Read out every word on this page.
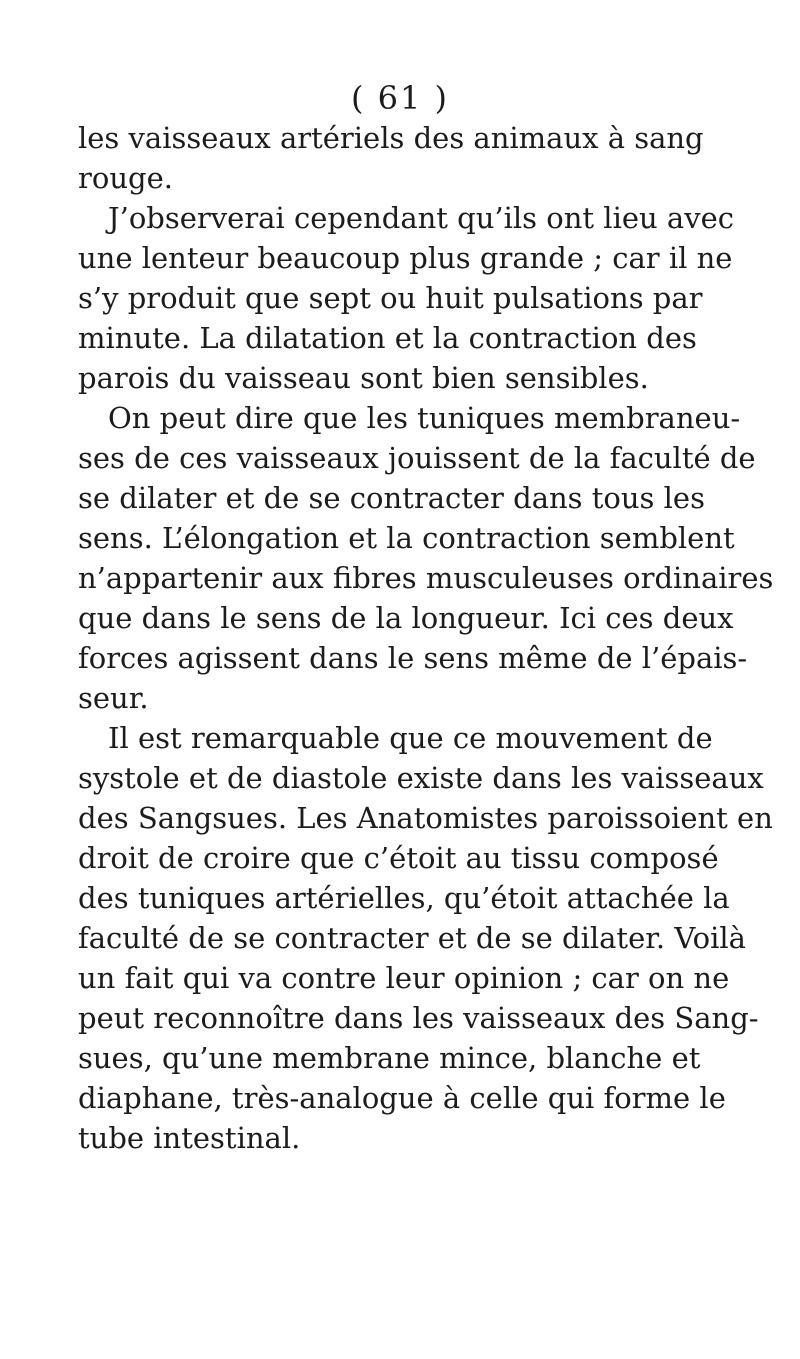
( 61 )

les vaisseaux artériels des animaux à sang
rouge.

J’observerai cependant qu’ils ont lieu avec
une lenteur beaucoup plus grande ; car il ne
s’y produit que sept ou huit pulsations par
minute. La dilatation et la contraction des
parois du vaisseau sont bien sensibles.

On peut dire que les tuniques membraneu-
ses de ces vaisseaux jouissent de la faculté de
se dilater et de se contracter dans tous les
sens. L’élongation et la contraction semblent
n’appartenir aux fibres musculeuses ordinaires
que dans le sens de la longueur. Ici ces deux
forces agissent dans le sens même de l’épais-
seur.

Il est remarquable que ce mouvement de
systole et de diastole existe dans les vaisseaux
des Sangsues. Les Anatomistes paroissoient en
droit de croire que c’étoit au tissu composé
des tuniques artérielles, qu’étoit attachée la
faculté de se contracter et de se dilater. Voilà
un fait qui va contre leur opinion ; car on ne
peut reconnoître dans les vaisseaux des Sang-
sues, qu’une membrane mince, blanche et
diaphane, très-analogue à celle qui forme le
tube intestinal.
